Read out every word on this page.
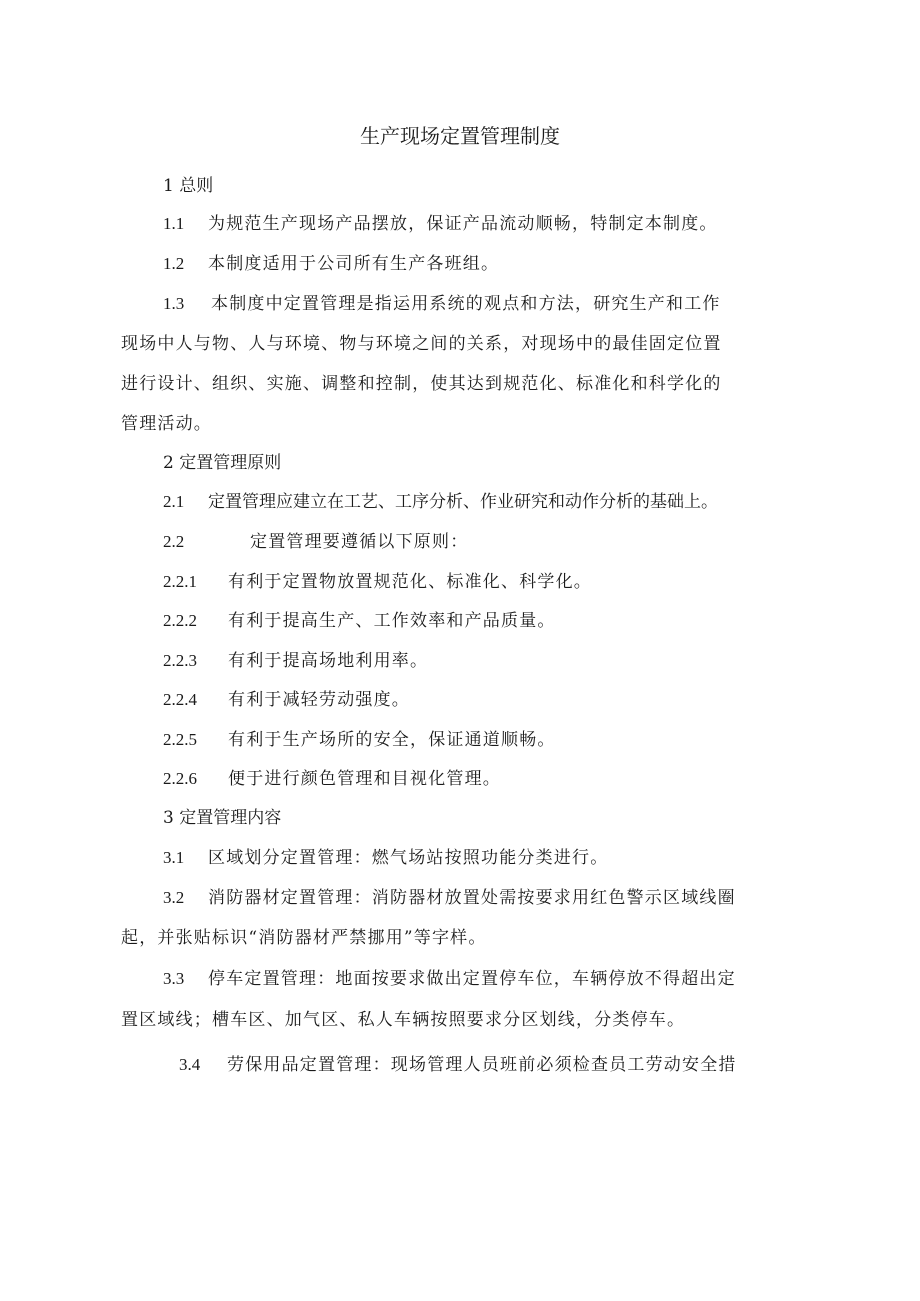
生产现场定置管理制度
1 总则
1.1 为规范生产现场产品摆放，保证产品流动顺畅，特制定本制度。
1.2 本制度适用于公司所有生产各班组。
1.3 本制度中定置管理是指运用系统的观点和方法，研究生产和工作
现场中人与物、人与环境、物与环境之间的关系，对现场中的最佳固定位置
进行设计、组织、实施、调整和控制，使其达到规范化、标准化和科学化的
管理活动。
2 定置管理原则
2.1 定置管理应建立在工艺、工序分析、作业研究和动作分析的基础上。
2.2	定置管理要遵循以下原则：
2.2.1 有利于定置物放置规范化、标准化、科学化。
2.2.2 有利于提高生产、工作效率和产品质量。
2.2.3 有利于提高场地利用率。
2.2.4 有利于减轻劳动强度。
2.2.5 有利于生产场所的安全，保证通道顺畅。
2.2.6 便于进行颜色管理和目视化管理。
3 定置管理内容
3.1 区域划分定置管理：燃气场站按照功能分类进行。
3.2 消防器材定置管理：消防器材放置处需按要求用红色警示区域线圈
起，并张贴标识“消防器材严禁挪用”等字样。
3.3 停车定置管理：地面按要求做出定置停车位，车辆停放不得超出定
置区域线；槽车区、加气区、私人车辆按照要求分区划线，分类停车。
3.4 劳保用品定置管理：现场管理人员班前必须检查员工劳动安全措
